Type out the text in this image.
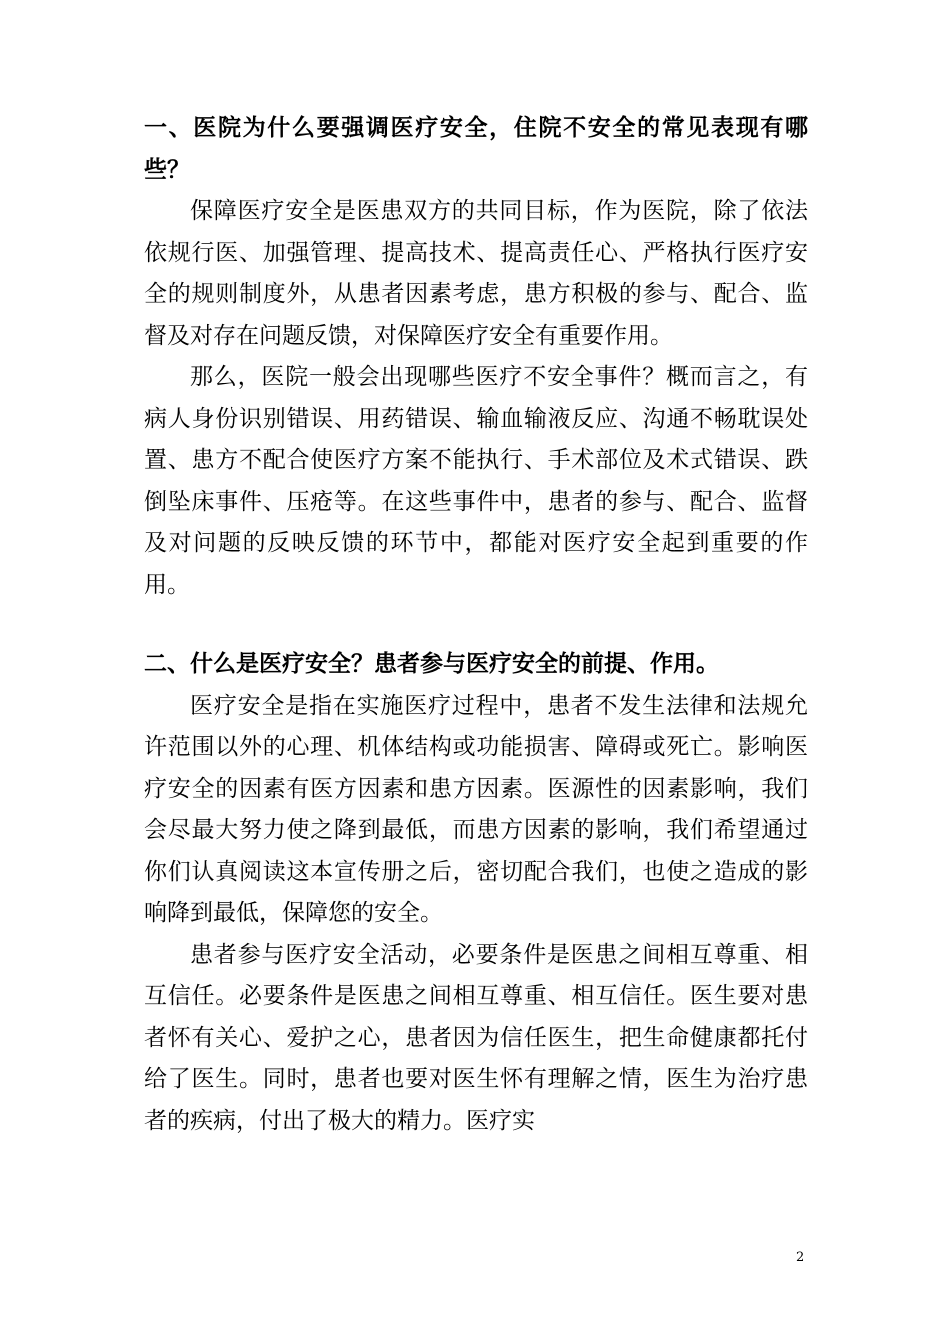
一、医院为什么要强调医疗安全，住院不安全的常见表现有哪些？

保障医疗安全是医患双方的共同目标，作为医院，除了依法依规行医、加强管理、提高技术、提高责任心、严格执行医疗安全的规则制度外，从患者因素考虑，患方积极的参与、配合、监督及对存在问题反馈，对保障医疗安全有重要作用。

那么，医院一般会出现哪些医疗不安全事件？概而言之，有病人身份识别错误、用药错误、输血输液反应、沟通不畅耽误处置、患方不配合使医疗方案不能执行、手术部位及术式错误、跌倒坠床事件、压疮等。在这些事件中，患者的参与、配合、监督及对问题的反映反馈的环节中，都能对医疗安全起到重要的作用。

二、什么是医疗安全？患者参与医疗安全的前提、作用。

医疗安全是指在实施医疗过程中，患者不发生法律和法规允许范围以外的心理、机体结构或功能损害、障碍或死亡。影响医疗安全的因素有医方因素和患方因素。医源性的因素影响，我们会尽最大努力使之降到最低，而患方因素的影响，我们希望通过你们认真阅读这本宣传册之后，密切配合我们，也使之造成的影响降到最低，保障您的安全。

患者参与医疗安全活动，必要条件是医患之间相互尊重、相互信任。必要条件是医患之间相互尊重、相互信任。医生要对患者怀有关心、爱护之心，患者因为信任医生，把生命健康都托付给了医生。同时，患者也要对医生怀有理解之情，医生为治疗患者的疾病，付出了极大的精力。医疗实

2
